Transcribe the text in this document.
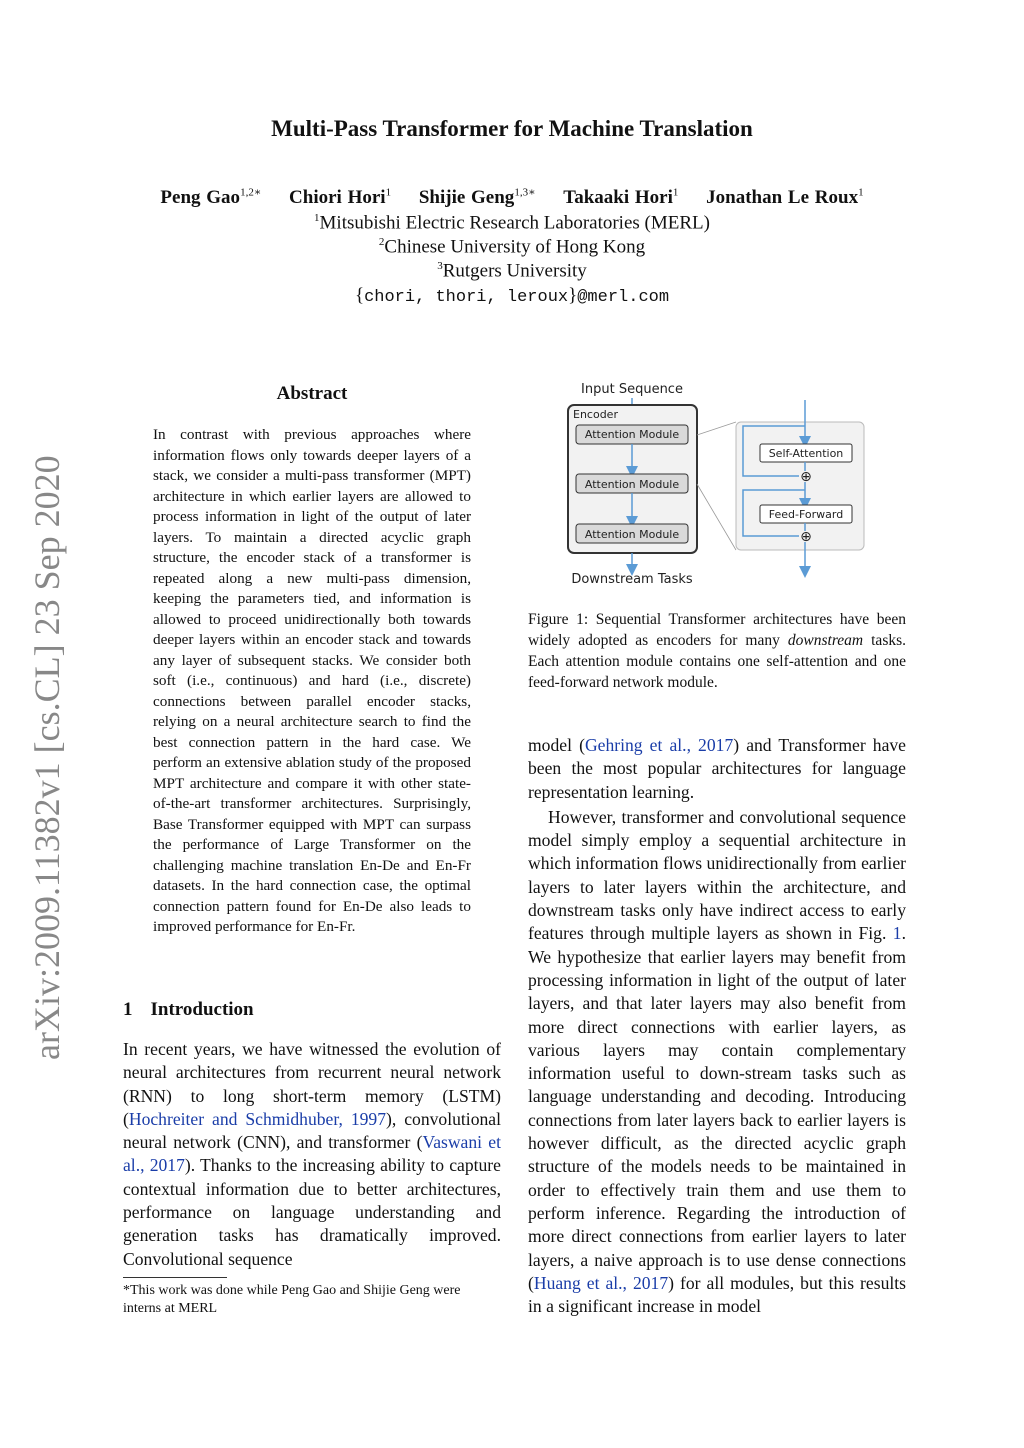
Multi-Pass Transformer for Machine Translation
Peng Gao$^{1,2∗}$ Chiori Hori$^1$ Shijie Geng$^{1,3∗}$ Takaaki Hori$^1$ Jonathan Le Roux$^1$
$^1$Mitsubishi Electric Research Laboratories (MERL)
$^2$Chinese University of Hong Kong
$^3$Rutgers University
{chori, thori, leroux}@merl.com
arXiv:2009.11382v1 [cs.CL] 23 Sep 2020
Abstract
In contrast with previous approaches where information flows only towards deeper layers of a stack, we consider a multi-pass transformer (MPT) architecture in which earlier layers are allowed to process information in light of the output of later layers. To maintain a directed acyclic graph structure, the encoder stack of a transformer is repeated along a new multi-pass dimension, keeping the parameters tied, and information is allowed to proceed unidirectionally both towards deeper layers within an encoder stack and towards any layer of subsequent stacks. We consider both soft (i.e., continuous) and hard (i.e., discrete) connections between parallel encoder stacks, relying on a neural architecture search to find the best connection pattern in the hard case. We perform an extensive ablation study of the proposed MPT architecture and compare it with other state-of-the-art transformer architectures. Surprisingly, Base Transformer equipped with MPT can surpass the performance of Large Transformer on the challenging machine translation En-De and En-Fr datasets. In the hard connection case, the optimal connection pattern found for En-De also leads to improved performance for En-Fr.
1 Introduction
In recent years, we have witnessed the evolution of neural architectures from recurrent neural network (RNN) to long short-term memory (LSTM) (Hochreiter and Schmidhuber, 1997), convolutional neural network (CNN), and transformer (Vaswani et al., 2017). Thanks to the increasing ability to capture contextual information due to better architectures, performance on language understanding and generation tasks has dramatically improved. Convolutional sequence
*This work was done while Peng Gao and Shijie Geng were interns at MERL
Input Sequence
Encoder
Attention Module
Attention Module
Attention Module
Downstream Tasks
Self-Attention
⊕
Feed-Forward
⊕
Figure 1: Sequential Transformer architectures have been widely adopted as encoders for many downstream tasks. Each attention module contains one self-attention and one feed-forward network module.

model (Gehring et al., 2017) and Transformer have been the most popular architectures for language representation learning.

However, transformer and convolutional sequence model simply employ a sequential architecture in which information flows unidirectionally from earlier layers to later layers within the architecture, and downstream tasks only have indirect access to early features through multiple layers as shown in Fig. 1. We hypothesize that earlier layers may benefit from processing information in light of the output of later layers, and that later layers may also benefit from more direct connections with earlier layers, as various layers may contain complementary information useful to down-stream tasks such as language understanding and decoding. Introducing connections from later layers back to earlier layers is however difficult, as the directed acyclic graph structure of the models needs to be maintained in order to effectively train them and use them to perform inference. Regarding the introduction of more direct connections from earlier layers to later layers, a naive approach is to use dense connections (Huang et al., 2017) for all modules, but this results in a significant increase in model
